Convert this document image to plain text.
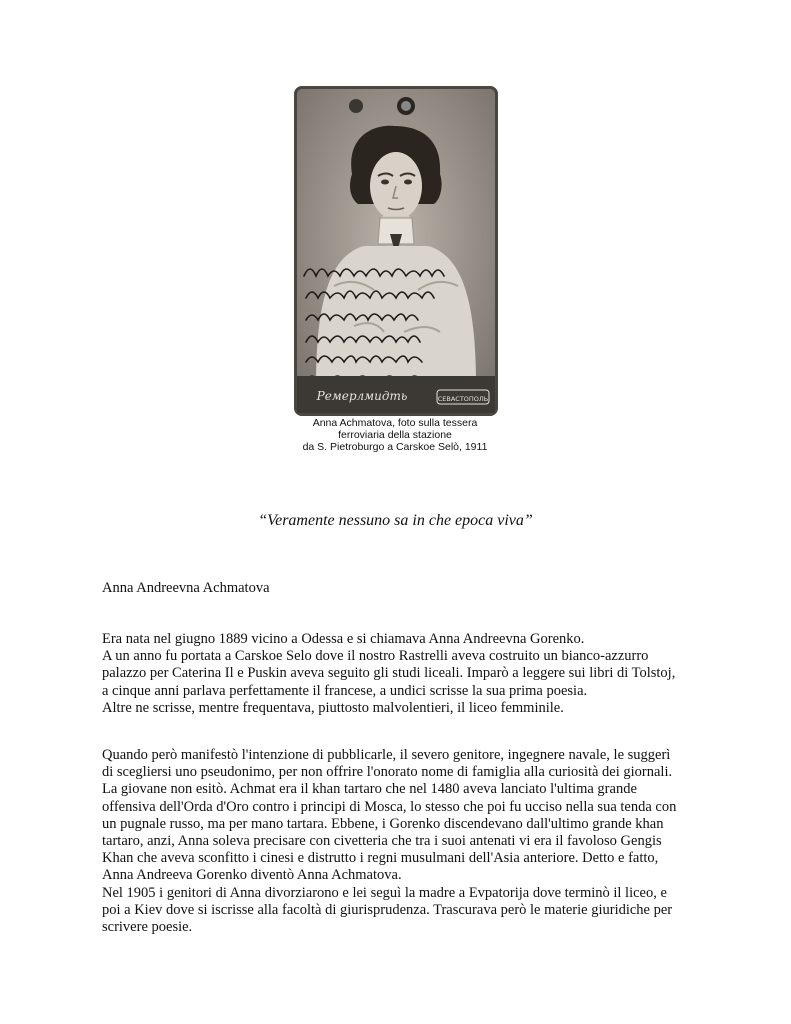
Ремерлмидть	СЕВАСТОПОЛЬ
Anna Achmatova, foto sulla tessera
ferroviaria della stazione
da S. Pietroburgo a Carskoe Selò, 1911
“Veramente nessuno sa in che epoca viva”
Anna Andreevna Achmatova
Era nata nel giugno 1889 vicino a Odessa e si chiamava Anna Andreevna Gorenko.
A un anno fu portata a Carskoe Selo dove il nostro Rastrelli aveva costruito un bianco-azzurro
palazzo per Caterina Il e Puskin aveva seguito gli studi liceali. Imparò a leggere sui libri di Tolstoj,
a cinque anni parlava perfettamente il francese, a undici scrisse la sua prima poesia.
Altre ne scrisse, mentre frequentava, piuttosto malvolentieri, il liceo femminile.
Quando però manifestò l'intenzione di pubblicarle, il severo genitore, ingegnere navale, le suggerì
di scegliersi uno pseudonimo, per non offrire l'onorato nome di famiglia alla curiosità dei giornali.
La giovane non esitò. Achmat era il khan tartaro che nel 1480 aveva lanciato l'ultima grande
offensiva dell'Orda d'Oro contro i principi di Mosca, lo stesso che poi fu ucciso nella sua tenda con
un pugnale russo, ma per mano tartara. Ebbene, i Gorenko discendevano dall'ultimo grande khan
tartaro, anzi, Anna soleva precisare con civetteria che tra i suoi antenati vi era il favoloso Gengis
Khan che aveva sconfitto i cinesi e distrutto i regni musulmani dell'Asia anteriore. Detto e fatto,
Anna Andreeva Gorenko diventò Anna Achmatova.
Nel 1905 i genitori di Anna divorziarono e lei seguì la madre a Evpatorija dove terminò il liceo, e
poi a Kiev dove si iscrisse alla facoltà di giurisprudenza. Trascurava però le materie giuridiche per
scrivere poesie.
